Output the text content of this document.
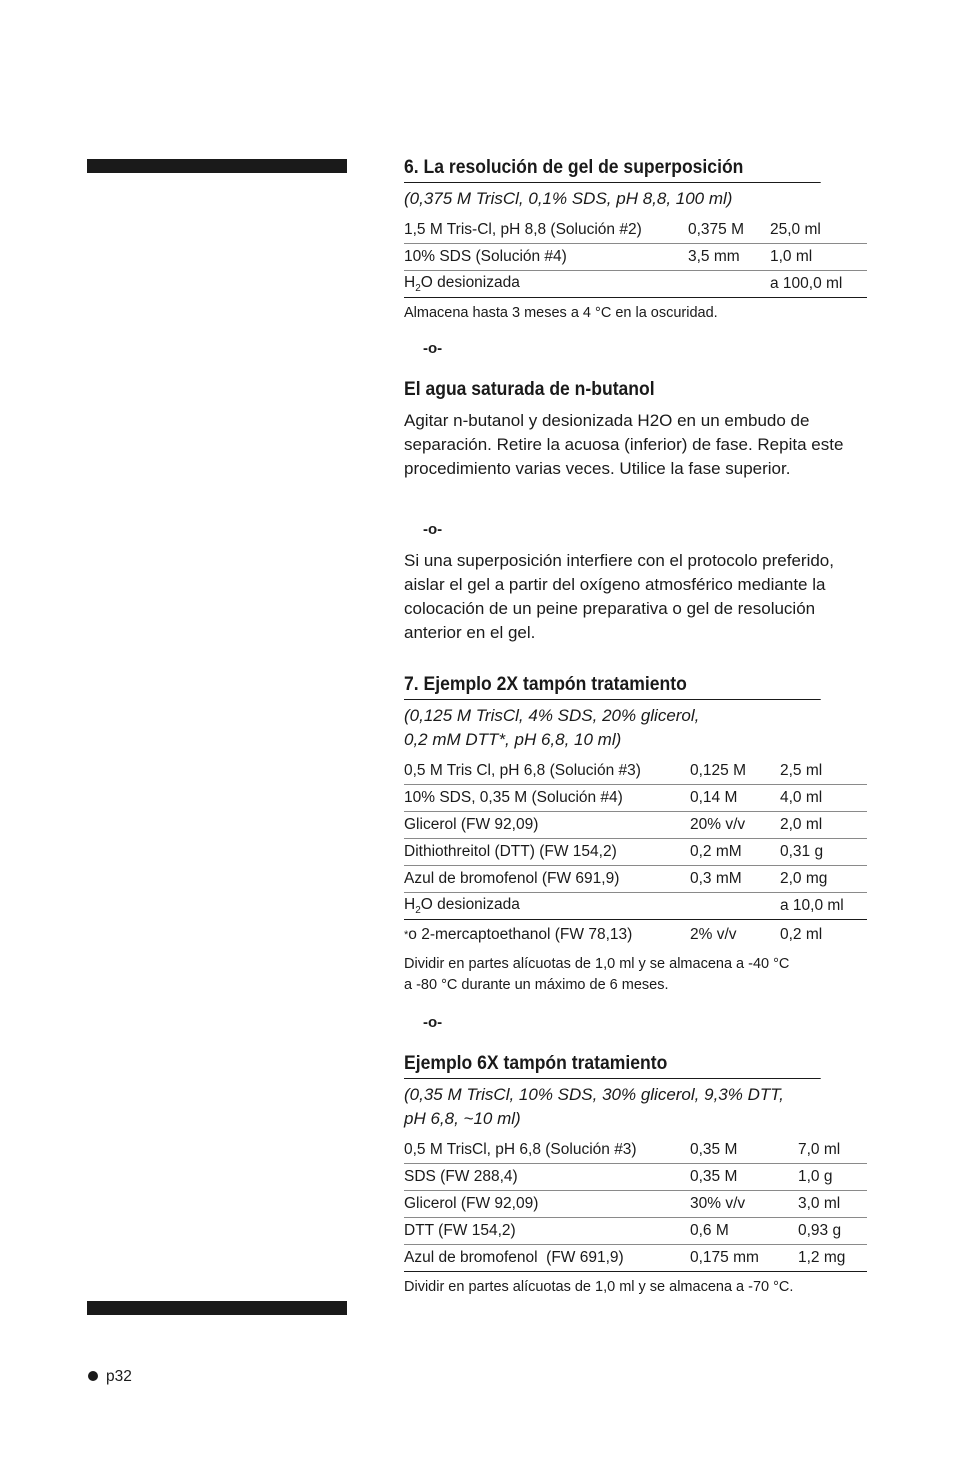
6. La resolución de gel de superposición
(0,375 M TrisCl, 0,1% SDS, pH 8,8, 100 ml)
1,5 M Tris-Cl, pH 8,8 (Solución #2)	0,375 M	25,0 ml
10% SDS (Solución #4)	3,5 mm	1,0 ml
$H_2O$ desionizada		a 100,0 ml
Almacena hasta 3 meses a 4 °C en la oscuridad.
-o-
El agua saturada de n-butanol
Agitar n-butanol y desionizada H2O en un embudo de separación. Retire la acuosa (inferior) de fase. Repita este procedimiento varias veces. Utilice la fase superior.
-o-
Si una superposición interfiere con el protocolo preferido, aislar el gel a partir del oxígeno atmosférico mediante la colocación de un peine preparativa o gel de resolución anterior en el gel.
7. Ejemplo 2X tampón tratamiento
(0,125 M TrisCl, 4% SDS, 20% glicerol,
0,2 mM DTT*, pH 6,8, 10 ml)
0,5 M Tris Cl, pH 6,8 (Solución #3)	0,125 M	2,5 ml
10% SDS, 0,35 M (Solución #4)	0,14 M	4,0 ml
Glicerol (FW 92,09)	20% v/v	2,0 ml
Dithiothreitol (DTT) (FW 154,2)	0,2 mM	0,31 g
Azul de bromofenol (FW 691,9)	0,3 mM	2,0 mg
$H_2O$ desionizada		a 10,0 ml
*o 2-mercaptoethanol (FW 78,13)	2% v/v	0,2 ml
Dividir en partes alícuotas de 1,0 ml y se almacena a -40 °C
a -80 °C durante un máximo de 6 meses.
-o-
Ejemplo 6X tampón tratamiento
(0,35 M TrisCl, 10% SDS, 30% glicerol, 9,3% DTT,
pH 6,8, ~10 ml)
0,5 M TrisCl, pH 6,8 (Solución #3)	0,35 M	7,0 ml
SDS (FW 288,4)	0,35 M	1,0 g
Glicerol (FW 92,09)	30% v/v	3,0 ml
DTT (FW 154,2)	0,6 M	0,93 g
Azul de bromofenol  (FW 691,9)	0,175 mm	1,2 mg
Dividir en partes alícuotas de 1,0 ml y se almacena a -70 °C.
p32
